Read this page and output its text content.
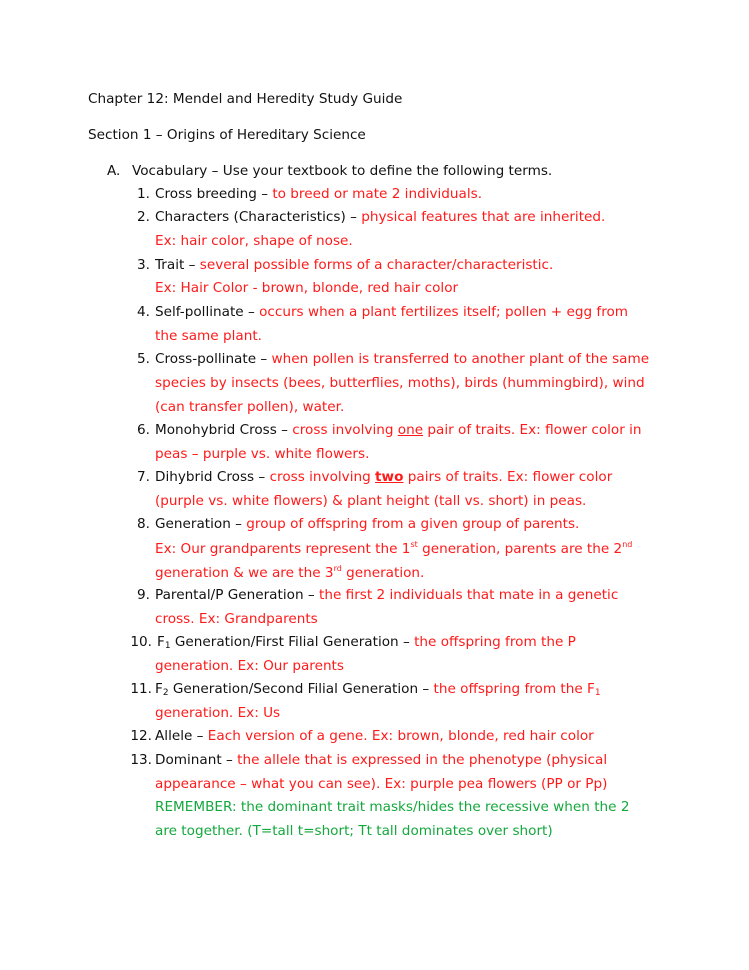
Chapter 12: Mendel and Heredity Study Guide
Section 1 – Origins of Hereditary Science
A. Vocabulary – Use your textbook to define the following terms.
1. Cross breeding – to breed or mate 2 individuals.
2. Characters (Characteristics) – physical features that are inherited.
Ex: hair color, shape of nose.
3. Trait – several possible forms of a character/characteristic.
Ex: Hair Color - brown, blonde, red hair color
4. Self-pollinate – occurs when a plant fertilizes itself; pollen + egg from
the same plant.
5. Cross-pollinate – when pollen is transferred to another plant of the same
species by insects (bees, butterflies, moths), birds (hummingbird), wind
(can transfer pollen), water.
6. Monohybrid Cross – cross involving one pair of traits. Ex: flower color in
peas – purple vs. white flowers.
7. Dihybrid Cross – cross involving two pairs of traits. Ex: flower color
(purple vs. white flowers) & plant height (tall vs. short) in peas.
8. Generation – group of offspring from a given group of parents.
Ex: Our grandparents represent the 1st generation, parents are the 2nd
generation & we are the 3rd generation.
9. Parental/P Generation – the first 2 individuals that mate in a genetic
cross. Ex: Grandparents
10. $F_1$ Generation/First Filial Generation – the offspring from the P
generation. Ex: Our parents
11. $F_2$ Generation/Second Filial Generation – the offspring from the $F_1$
generation. Ex: Us
12. Allele – Each version of a gene. Ex: brown, blonde, red hair color
13. Dominant – the allele that is expressed in the phenotype (physical
appearance – what you can see). Ex: purple pea flowers (PP or Pp)
REMEMBER: the dominant trait masks/hides the recessive when the 2
are together. (T=tall t=short; Tt tall dominates over short)
